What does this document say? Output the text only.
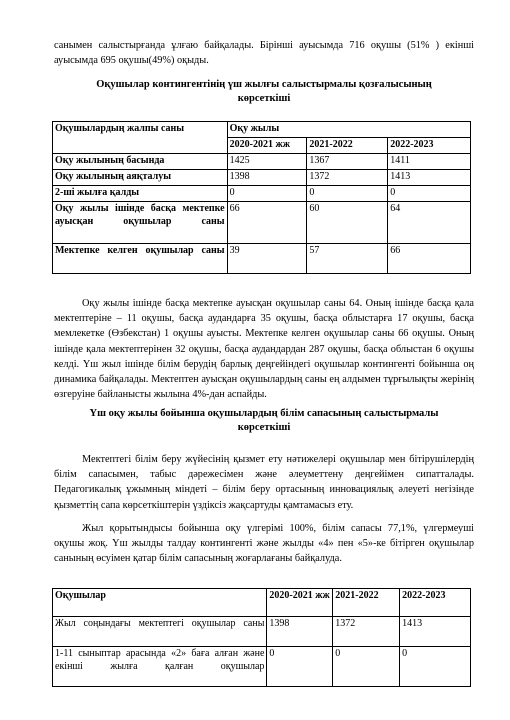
санымен салыстырғанда ұлғаю байқалады. Бірінші ауысымда 716 оқушы (51% ) екінші ауысымда 695 оқушы(49%) оқыды.

Оқушылар контингентінің үш жылғы салыстырмалы қозғалысының
көрсеткіші

Оқушылардың жалпы саны	Оқу жылы		
	2020-2021 жж	2021-2022	2022-2023
Оқу жылының басында	1425	1367	1411
Оқу жылының аяқталуы	1398	1372	1413
2-ші жылға қалды	0	0	0
Оқу жылы ішінде басқа мектепке ауысқан оқушылар саны	66	60	64
Мектепке келген оқушылар саны	39	57	66

Оқу жылы ішінде басқа мектепке ауысқан оқушылар саны 64. Оның ішінде басқа қала мектептеріне – 11 оқушы, басқа аудандарға 35 оқушы, басқа облыстарға 17 оқушы, басқа мемлекетке (Өзбекстан) 1 оқушы ауысты. Мектепке келген оқушылар саны 66 оқушы. Оның ішінде қала мектептерінен 32 оқушы, басқа аудандардан 287 оқушы, басқа облыстан 6 оқушы келді. Үш жыл ішінде білім берудің барлық деңгейіндегі оқушылар контингенті бойынша оң динамика байқалады. Мектептен ауысқан оқушылардың саны ең алдымен тұрғылықты жерінің өзгеруіне байланысты жылына 4%-дан аспайды.

Үш оқу жылы бойынша оқушылардың білім сапасының салыстырмалы
көрсеткіші

Мектептегі білім беру жүйесінің қызмет ету нәтижелері оқушылар мен бітірушілердің білім сапасымен, табыс дәрежесімен және әлеуметтену деңгейімен сипатталады. Педагогикалық ұжымның міндеті – білім беру ортасының инновациялық әлеуеті негізінде қызметтің сапа көрсеткіштерін үздіксіз жақсартуды қамтамасыз ету.

Жыл қорытындысы бойынша оқу үлгерімі 100%, білім сапасы 77,1%, үлгермеуші оқушы жоқ. Үш жылды талдау контингенті және жылды «4» пен «5»-ке бітірген оқушылар санының өсуімен қатар білім сапасының жоғарлағаны байқалуда.

Оқушылар	2020-2021 жж	2021-2022	2022-2023
Жыл соңындағы мектептегі оқушылар саны	1398	1372	1413
1-11 сыныптар арасында «2» баға алған және екінші жылға қалған оқушылар	0	0	0
